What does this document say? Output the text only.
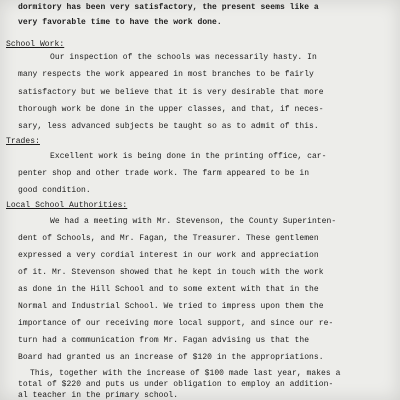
dormitory has been very satisfactory, the present seems like a
very favorable time to have the work done.
School Work:
Our inspection of the schools was necessarily hasty. In
many respects the work appeared in most branches to be fairly
satisfactory but we believe that it is very desirable that more
thorough work be done in the upper classes, and that, if neces-
sary, less advanced subjects be taught so as to admit of this.
Trades:
Excellent work is being done in the printing office, car-
penter shop and other trade work. The farm appeared to be in
good condition.
Local School Authorities:
We had a meeting with Mr. Stevenson, the County Superinten-
dent of Schools, and Mr. Fagan, the Treasurer. These gentlemen
expressed a very cordial interest in our work and appreciation
of it. Mr. Stevenson showed that he kept in touch with the work
as done in the Hill School and to some extent with that in the
Normal and Industrial School. We tried to impress upon them the
importance of our receiving more local support, and since our re-
turn had a communication from Mr. Fagan advising us that the
Board had granted us an increase of $120 in the appropriations.
This, together with the increase of $100 made last year, makes a
total of $220 and puts us under obligation to employ an addition-
al teacher in the primary school.
